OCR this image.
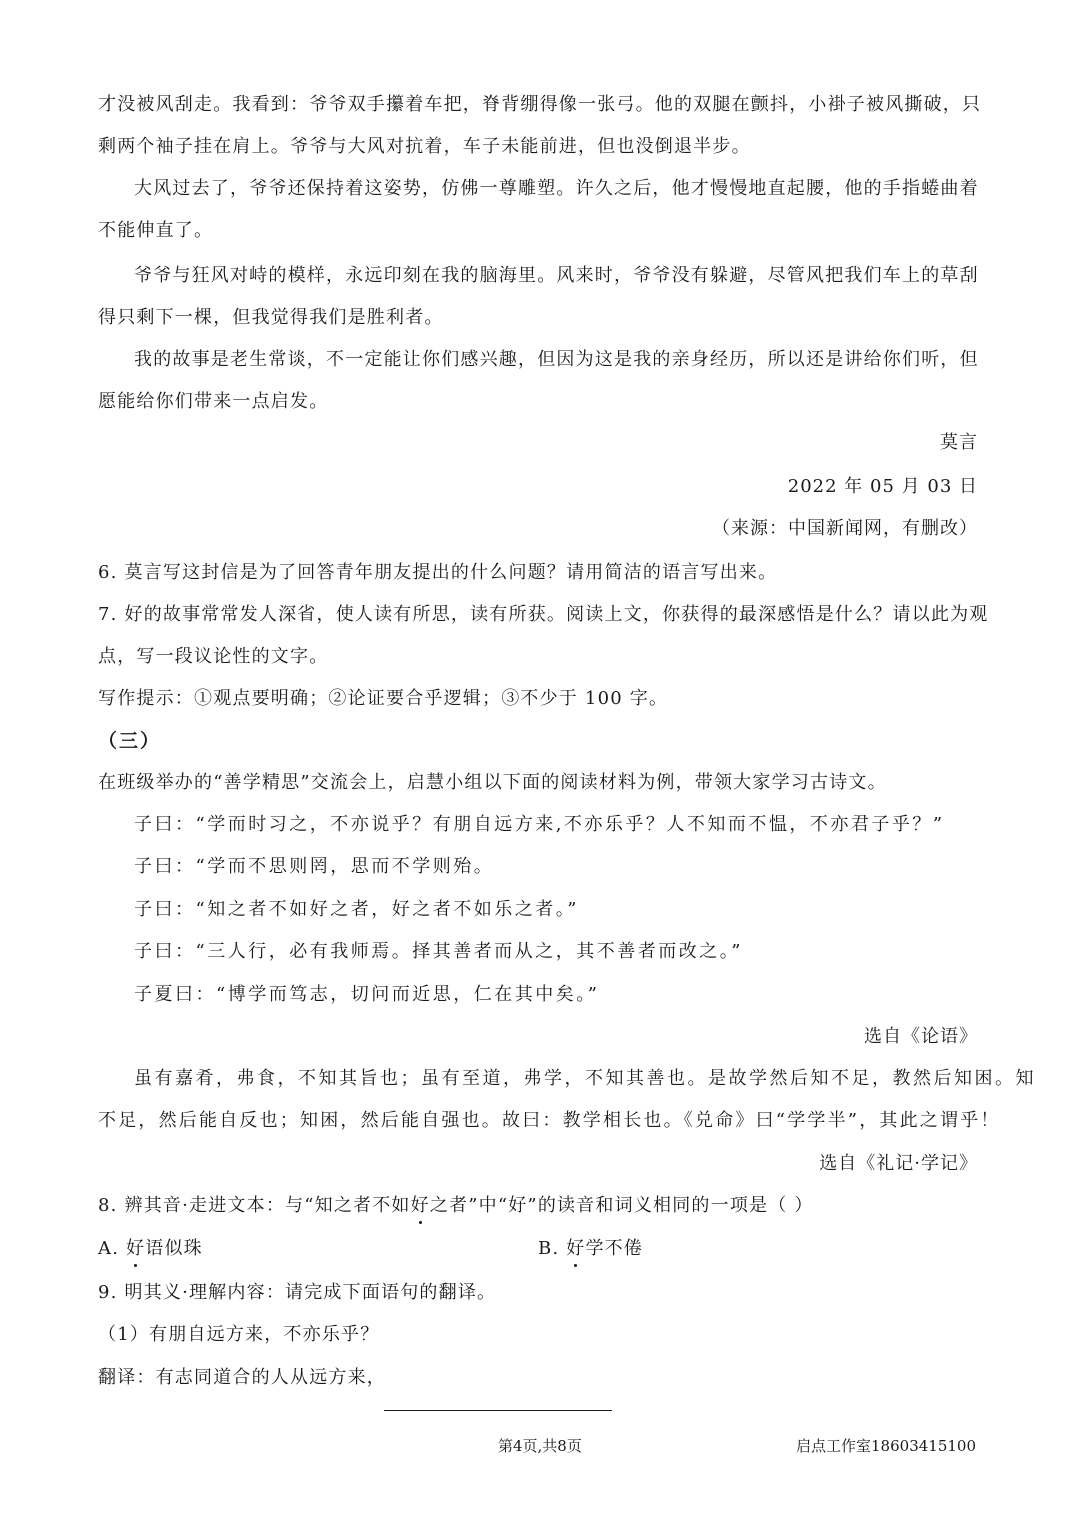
才没被风刮走。我看到：爷爷双手攥着车把，脊背绷得像一张弓。他的双腿在颤抖，小褂子被风撕破，只
剩两个袖子挂在肩上。爷爷与大风对抗着，车子未能前进，但也没倒退半步。
大风过去了，爷爷还保持着这姿势，仿佛一尊雕塑。许久之后，他才慢慢地直起腰，他的手指蜷曲着
不能伸直了。
爷爷与狂风对峙的模样，永远印刻在我的脑海里。风来时，爷爷没有躲避，尽管风把我们车上的草刮
得只剩下一棵，但我觉得我们是胜利者。
我的故事是老生常谈，不一定能让你们感兴趣，但因为这是我的亲身经历，所以还是讲给你们听，但
愿能给你们带来一点启发。
莫言
2022 年 05 月 03 日
（来源：中国新闻网，有删改）
6. 莫言写这封信是为了回答青年朋友提出的什么问题？请用简洁的语言写出来。
7. 好的故事常常发人深省，使人读有所思，读有所获。阅读上文，你获得的最深感悟是什么？请以此为观
点，写一段议论性的文字。
写作提示：①观点要明确；②论证要合乎逻辑；③不少于 100 字。
（三）
在班级举办的“善学精思”交流会上，启慧小组以下面的阅读材料为例，带领大家学习古诗文。
子曰：“学而时习之，不亦说乎？有朋自远方来,不亦乐乎？人不知而不愠，不亦君子乎？”
子曰：“学而不思则罔，思而不学则殆。
子曰：“知之者不如好之者，好之者不如乐之者。”
子曰：“三人行，必有我师焉。择其善者而从之，其不善者而改之。”
子夏曰：“博学而笃志，切问而近思，仁在其中矣。”
选自《论语》
虽有嘉肴，弗食，不知其旨也；虽有至道，弗学，不知其善也。是故学然后知不足，教然后知困。知
不足，然后能自反也；知困，然后能自强也。故曰：教学相长也。《兑命》曰“学学半”，其此之谓乎！
选自《礼记·学记》
8. 辨其音·走进文本：与“知之者不如好之者”中“好”的读音和词义相同的一项是（ ）
A. 好语似珠	B. 好学不倦
9. 明其义·理解内容：请完成下面语句的翻译。
（1）有朋自远方来，不亦乐乎？
翻译：有志同道合的人从远方来，
第4页,共8页	启点工作室18603415100
